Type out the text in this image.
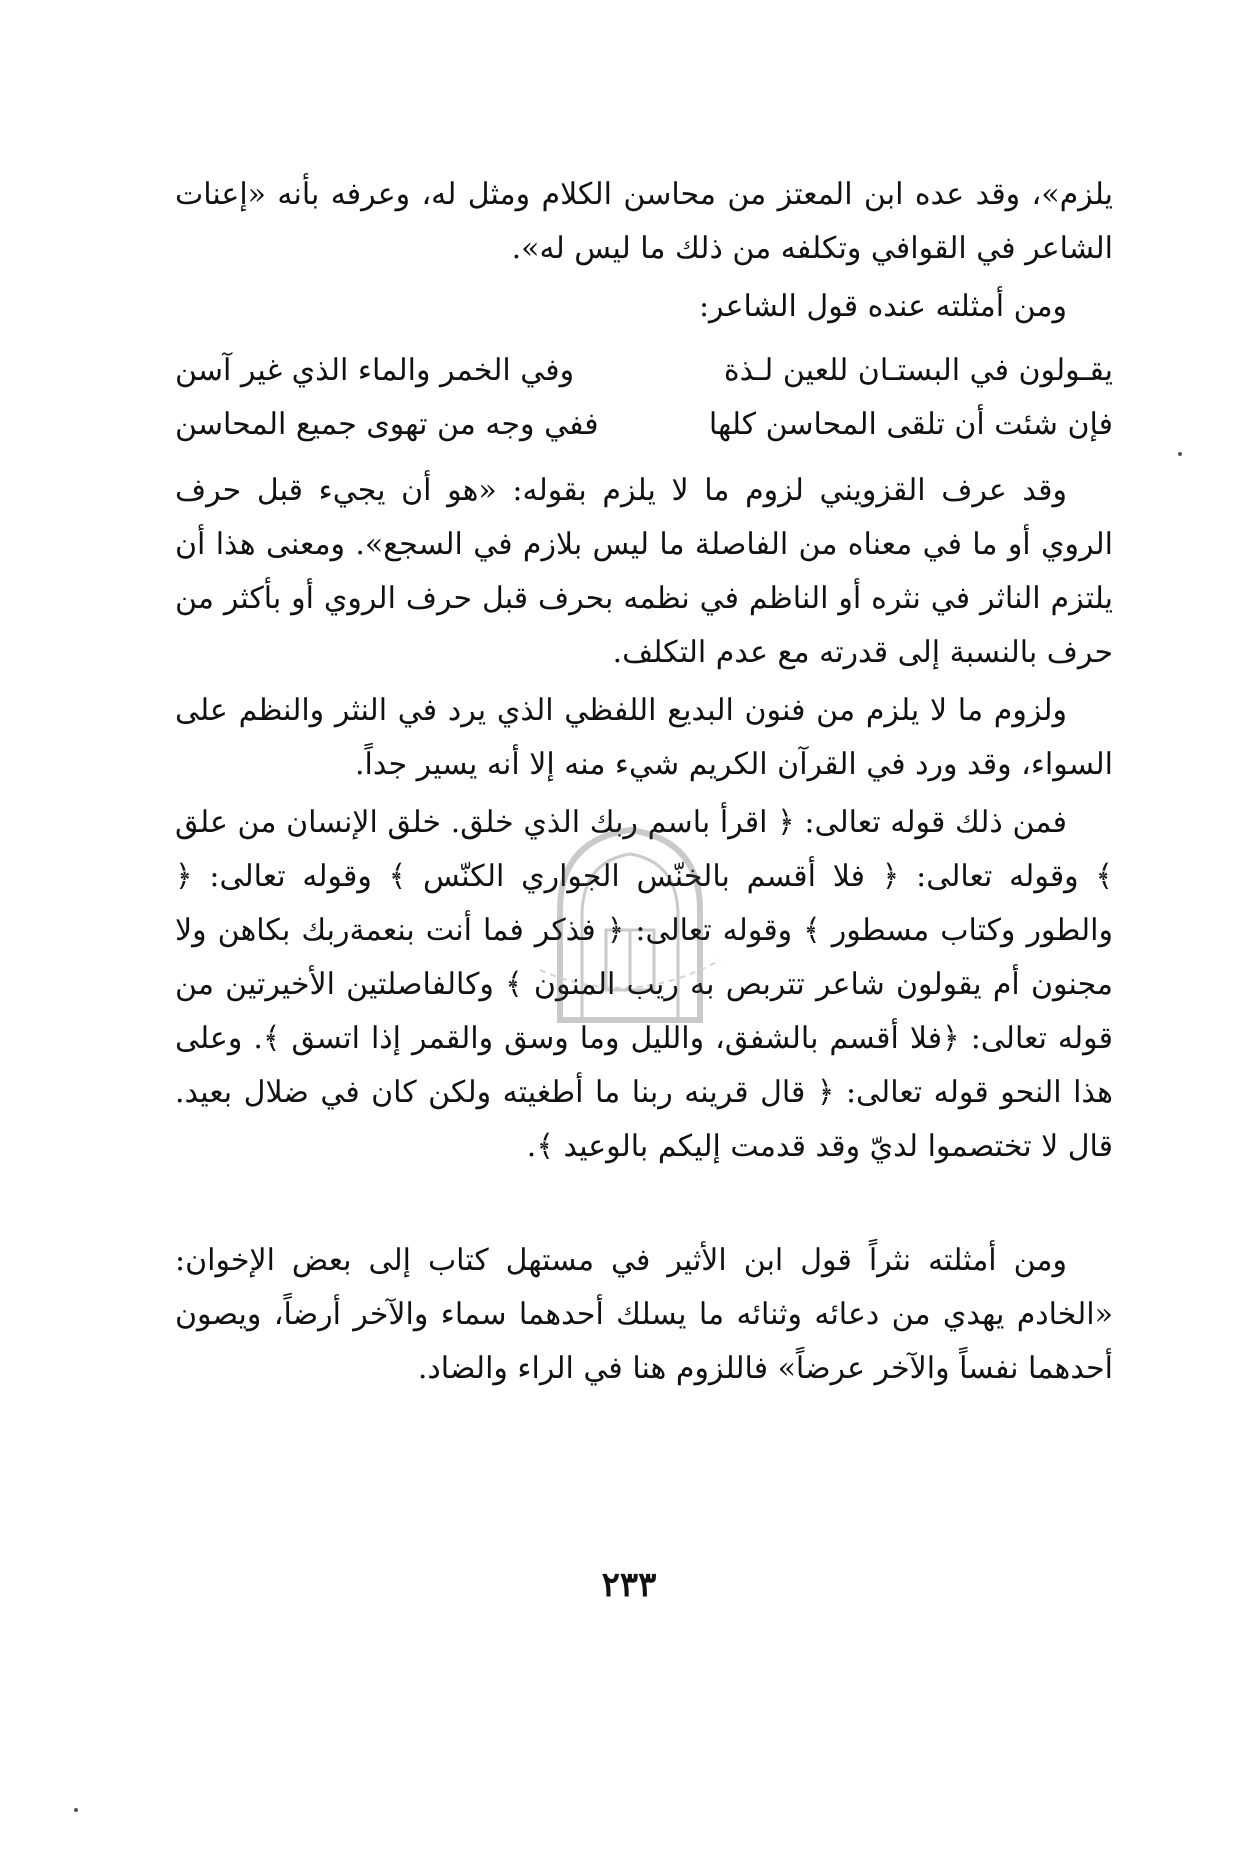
يلزم»، وقد عده ابن المعتز من محاسن الكلام ومثل له، وعرفه بأنه «إعنات الشاعر في القوافي وتكلفه من ذلك ما ليس له».

ومن أمثلته عنده قول الشاعر:

يقـولون في البستـان للعين لـذة
وفي الخمر والماء الذي غير آسن
فإن شئت أن تلقى المحاسن كلها
ففي وجه من تهوى جميع المحاسن

وقد عرف القزويني لزوم ما لا يلزم بقوله: «هو أن يجيء قبل حرف الروي أو ما في معناه من الفاصلة ما ليس بلازم في السجع». ومعنى هذا أن يلتزم الناثر في نثره أو الناظم في نظمه بحرف قبل حرف الروي أو بأكثر من حرف بالنسبة إلى قدرته مع عدم التكلف.

ولزوم ما لا يلزم من فنون البديع اللفظي الذي يرد في النثر والنظم على السواء، وقد ورد في القرآن الكريم شيء منه إلا أنه يسير جداً.

فمن ذلك قوله تعالى: ﴿ اقرأ باسم ربك الذي خلق. خلق الإنسان من علق ﴾ وقوله تعالى: ﴿ فلا أقسم بالخنّس الجواري الكنّس ﴾ وقوله تعالى: ﴿ والطور وكتاب مسطور ﴾ وقوله تعالى: ﴿ فذكر فما أنت بنعمةربك بكاهن ولا مجنون أم يقولون شاعر تتربص به ريب المنون ﴾ وكالفاصلتين الأخيرتين من قوله تعالى: ﴿فلا أقسم بالشفق، والليل وما وسق والقمر إذا اتسق ﴾. وعلى هذا النحو قوله تعالى: ﴿ قال قرينه ربنا ما أطغيته ولكن كان في ضلال بعيد. قال لا تختصموا لديّ وقد قدمت إليكم بالوعيد ﴾.

ومن أمثلته نثراً قول ابن الأثير في مستهل كتاب إلى بعض الإخوان: «الخادم يهدي من دعائه وثنائه ما يسلك أحدهما سماء والآخر أرضاً، ويصون أحدهما نفساً والآخر عرضاً» فاللزوم هنا في الراء والضاد.

٢٣٣
